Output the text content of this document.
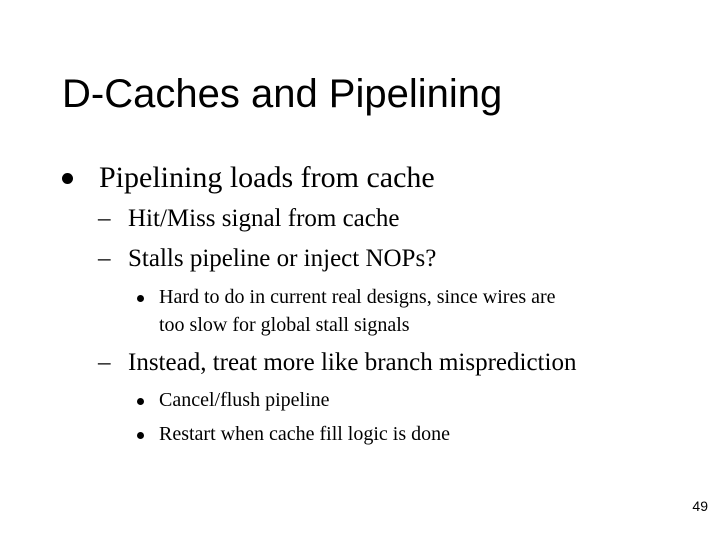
D-Caches and Pipelining
Pipelining loads from cache
– Hit/Miss signal from cache
– Stalls pipeline or inject NOPs?
Hard to do in current real designs, since wires are
too slow for global stall signals
– Instead, treat more like branch misprediction
Cancel/flush pipeline
Restart when cache fill logic is done
49
